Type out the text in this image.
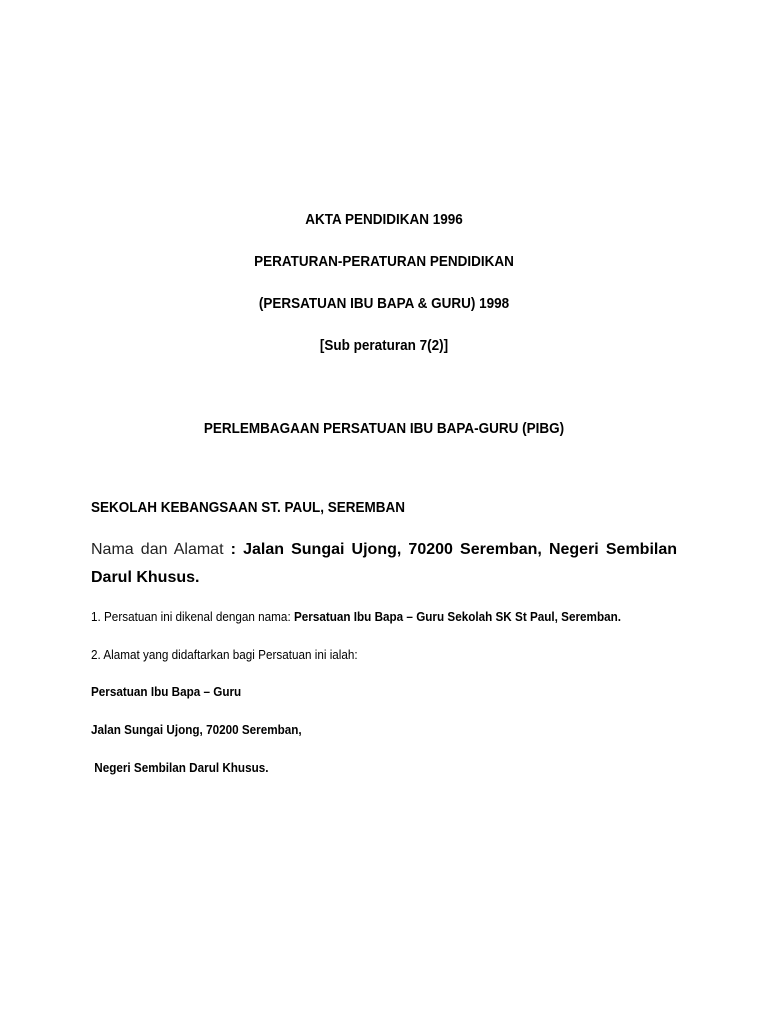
AKTA PENDIDIKAN 1996
PERATURAN-PERATURAN PENDIDIKAN
(PERSATUAN IBU BAPA & GURU) 1998
[Sub peraturan 7(2)]
PERLEMBAGAAN PERSATUAN IBU BAPA-GURU (PIBG)
SEKOLAH KEBANGSAAN ST. PAUL, SEREMBAN
Nama dan Alamat : Jalan Sungai Ujong, 70200 Seremban, Negeri Sembilan Darul Khusus.
1. Persatuan ini dikenal dengan nama: Persatuan Ibu Bapa – Guru Sekolah SK St Paul, Seremban.
2. Alamat yang didaftarkan bagi Persatuan ini ialah:
Persatuan Ibu Bapa – Guru
Jalan Sungai Ujong, 70200 Seremban,
Negeri Sembilan Darul Khusus.
